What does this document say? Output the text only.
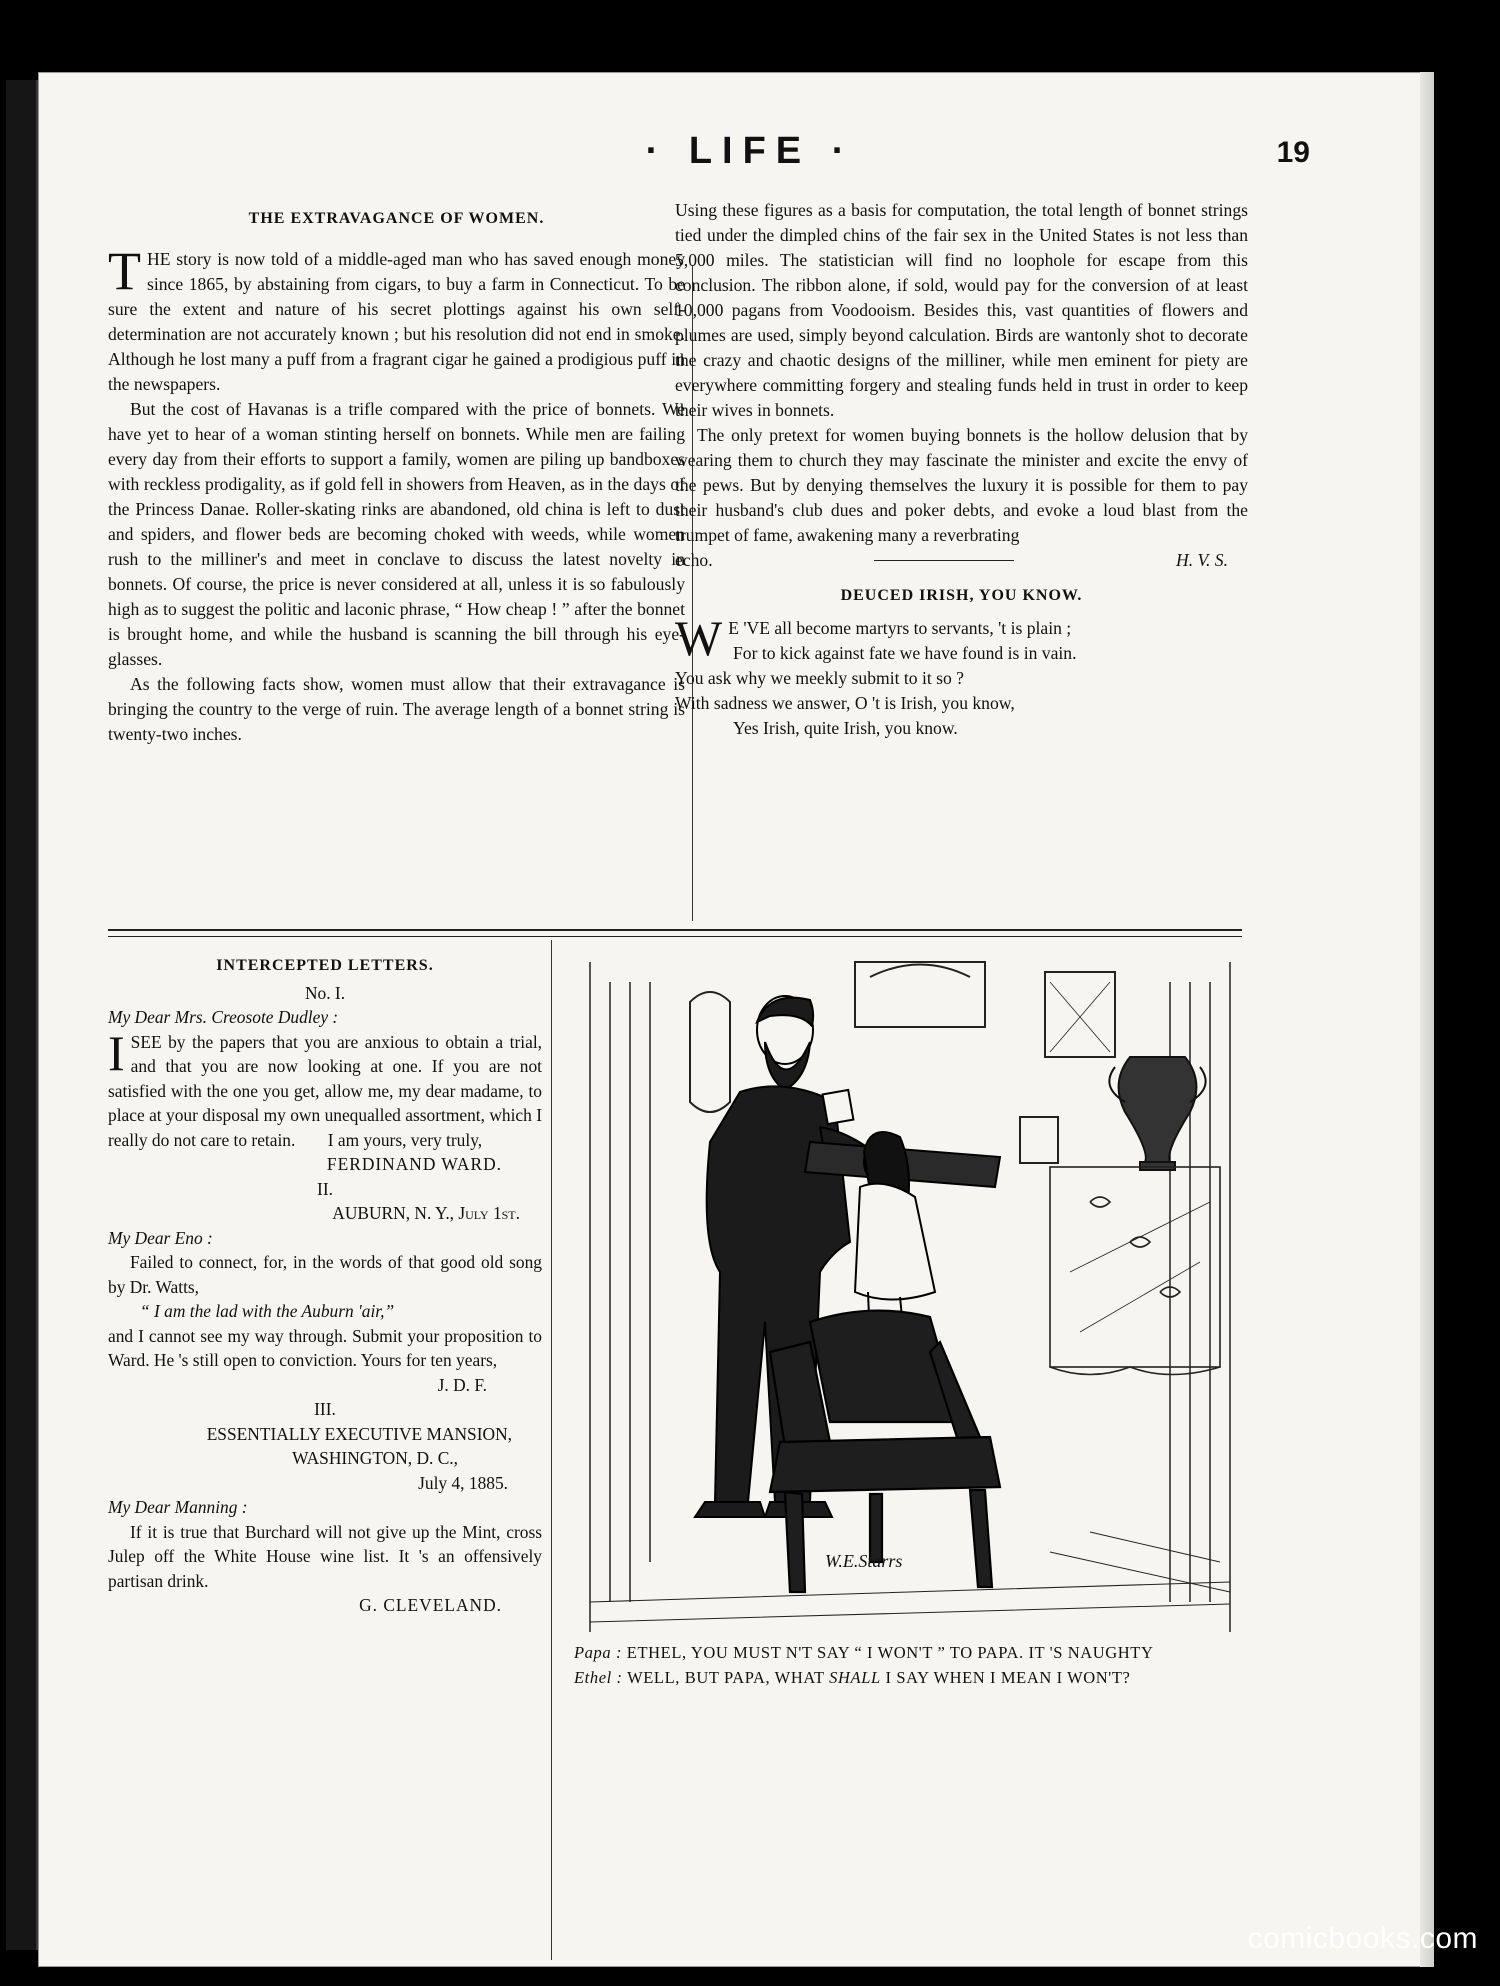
· LIFE ·	19
THE EXTRAVAGANCE OF WOMEN.

THE story is now told of a middle-aged man who has saved enough money since 1865, by abstaining from cigars, to buy a farm in Connecticut. To be sure the extent and nature of his secret plottings against his own self-determination are not accurately known ; but his resolution did not end in smoke. Although he lost many a puff from a fragrant cigar he gained a prodigious puff in the newspapers.

But the cost of Havanas is a trifle compared with the price of bonnets. We have yet to hear of a woman stinting herself on bonnets. While men are failing every day from their efforts to support a family, women are piling up bandboxes with reckless prodigality, as if gold fell in showers from Heaven, as in the days of the Princess Danae. Roller-skating rinks are abandoned, old china is left to dust and spiders, and flower beds are becoming choked with weeds, while women rush to the milliner's and meet in conclave to discuss the latest novelty in bonnets. Of course, the price is never considered at all, unless it is so fabulously high as to suggest the politic and laconic phrase, “ How cheap ! ” after the bonnet is brought home, and while the husband is scanning the bill through his eye-glasses.

As the following facts show, women must allow that their extravagance is bringing the country to the verge of ruin. The average length of a bonnet string is twenty-two inches.

Using these figures as a basis for computation, the total length of bonnet strings tied under the dimpled chins of the fair sex in the United States is not less than 5,000 miles. The statistician will find no loophole for escape from this conclusion. The ribbon alone, if sold, would pay for the conversion of at least 10,000 pagans from Voodooism. Besides this, vast quantities of flowers and plumes are used, simply beyond calculation. Birds are wantonly shot to decorate the crazy and chaotic designs of the milliner, while men eminent for piety are everywhere committing forgery and stealing funds held in trust in order to keep their wives in bonnets.

The only pretext for women buying bonnets is the hollow delusion that by wearing them to church they may fascinate the minister and excite the envy of the pews. But by denying themselves the luxury it is possible for them to pay their husband's club dues and poker debts, and evoke a loud blast from the trumpet of fame, awakening many a reverbrating

echo.	H. V. S.
DEUCED IRISH, YOU KNOW.

W E 'VE all become martyrs to servants, 't is plain ;

For to kick against fate we have found is in vain.

You ask why we meekly submit to it so ?

With sadness we answer, O 't is Irish, you know,

Yes Irish, quite Irish, you know.

INTERCEPTED LETTERS.

No. I.

My Dear Mrs. Creosote Dudley :

ISEE by the papers that you are anxious to obtain a trial, and that you are now looking at one. If you are not satisfied with the one you get, allow me, my dear madame, to place at your disposal my own unequalled assortment, which I really do not care to retain. I am yours, very truly,

FERDINAND WARD.

II.

AUBURN, N. Y., July 1st.

My Dear Eno :

Failed to connect, for, in the words of that good old song by Dr. Watts,

“ I am the lad with the Auburn 'air,”

and I cannot see my way through. Submit your proposition to Ward. He 's still open to conviction. Yours for ten years,

J. D. F.

III.

ESSENTIALLY EXECUTIVE MANSION,
WASHINGTON, D. C.,
July 4, 1885.

My Dear Manning :

If it is true that Burchard will not give up the Mint, cross Julep off the White House wine list. It 's an offensively partisan drink.

G. CLEVELAND.

W.E.Starrs
Papa : ETHEL, YOU MUST N'T SAY “ I WON'T ” TO PAPA. IT 'S NAUGHTY
Ethel : WELL, BUT PAPA, WHAT SHALL I SAY WHEN I MEAN I WON'T?
comicbooks.com
